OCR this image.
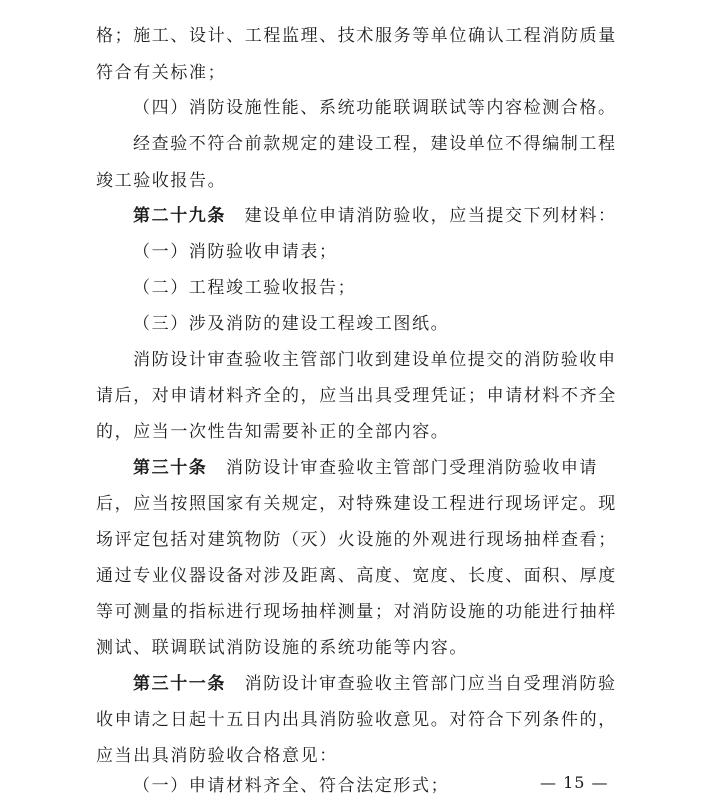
格；施工、设计、工程监理、技术服务等单位确认工程消防质量
符合有关标准；
（四）消防设施性能、系统功能联调联试等内容检测合格。
经查验不符合前款规定的建设工程，建设单位不得编制工程
竣工验收报告。
第二十九条　 建设单位申请消防验收，应当提交下列材料：
（一）消防验收申请表；
（二）工程竣工验收报告；
（三）涉及消防的建设工程竣工图纸。
消防设计审查验收主管部门收到建设单位提交的消防验收申
请后，对申请材料齐全的，应当出具受理凭证；申请材料不齐全
的，应当一次性告知需要补正的全部内容。
第三十条　 消防设计审查验收主管部门受理消防验收申请
后，应当按照国家有关规定，对特殊建设工程进行现场评定。现
场评定包括对建筑物防（灭）火设施的外观进行现场抽样查看；
通过专业仪器设备对涉及距离、高度、宽度、长度、面积、厚度
等可测量的指标进行现场抽样测量；对消防设施的功能进行抽样
测试、联调联试消防设施的系统功能等内容。
第三十一条　 消防设计审查验收主管部门应当自受理消防验
收申请之日起十五日内出具消防验收意见。对符合下列条件的，
应当出具消防验收合格意见：
（一）申请材料齐全、符合法定形式；	— 15 —
